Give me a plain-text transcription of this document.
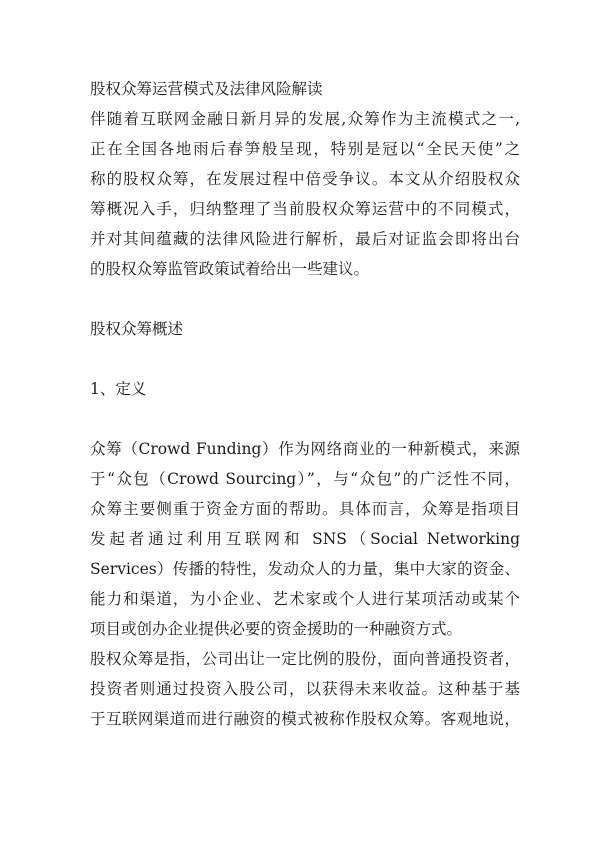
股权众筹运营模式及法律风险解读
伴随着互联网金融日新月异的发展,众筹作为主流模式之一,
正在全国各地雨后春笋般呈现，特别是冠以“全民天使”之
称的股权众筹，在发展过程中倍受争议。本文从介绍股权众
筹概况入手，归纳整理了当前股权众筹运营中的不同模式，
并对其间蕴藏的法律风险进行解析，最后对证监会即将出台
的股权众筹监管政策试着给出一些建议。
股权众筹概述
1、定义
众筹（Crowd Funding）作为网络商业的一种新模式，来源
于“众包（Crowd Sourcing）”，与“众包”的广泛性不同，
众筹主要侧重于资金方面的帮助。具体而言，众筹是指项目
发起者通过利用互联网和 SNS（Social Networking
Services）传播的特性，发动众人的力量，集中大家的资金、
能力和渠道，为小企业、艺术家或个人进行某项活动或某个
项目或创办企业提供必要的资金援助的一种融资方式。
股权众筹是指，公司出让一定比例的股份，面向普通投资者，
投资者则通过投资入股公司，以获得未来收益。这种基于基
于互联网渠道而进行融资的模式被称作股权众筹。客观地说，
